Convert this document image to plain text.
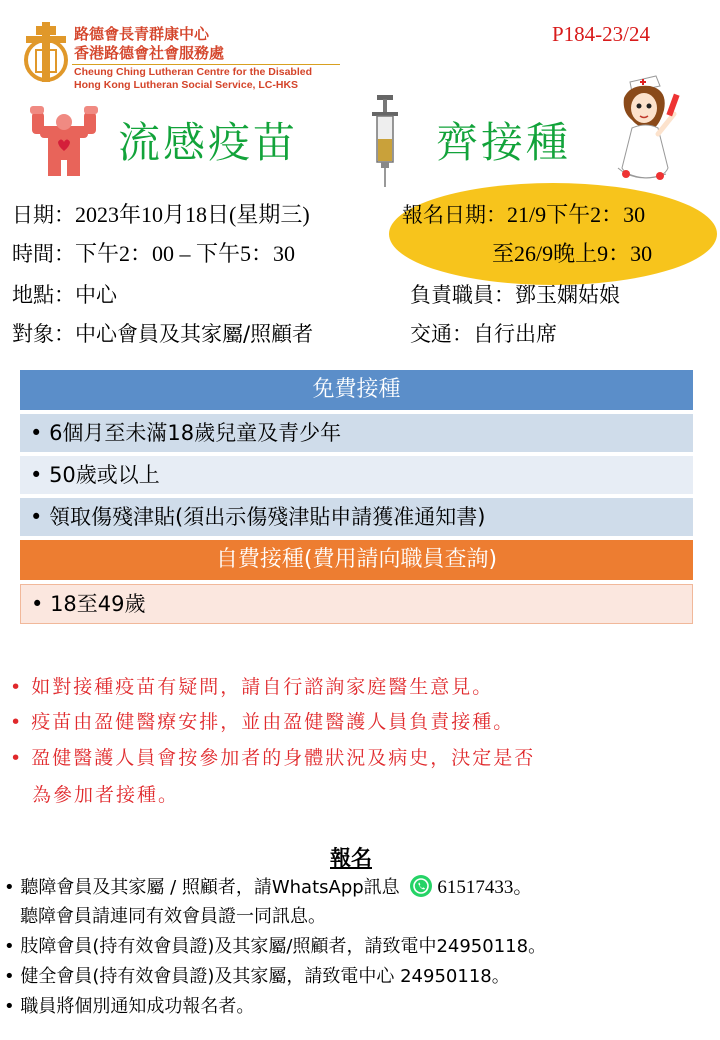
路德會長青群康中心
香港路德會社會服務處
Cheung Ching Lutheran Centre for the Disabled
Hong Kong Lutheran Social Service, LC-HKS
P184-23/24
流感疫苗	齊接種
日期：2023年10月18日(星期三)
時間：下午2：00 – 下午5：30
地點：中心
對象：中心會員及其家屬/照顧者
報名日期：21/9下午2：30
至26/9晚上9：30
負責職員：鄧玉嫻姑娘
交通：自行出席
免費接種
• 6個月至未滿18歲兒童及青少年
• 50歲或以上
• 領取傷殘津貼(須出示傷殘津貼申請獲准通知書)
自費接種(費用請向職員查詢)
• 18至49歲
• 如對接種疫苗有疑問，請自行諮詢家庭醫生意見。
• 疫苗由盈健醫療安排，並由盈健醫護人員負責接種。
• 盈健醫護人員會按參加者的身體狀況及病史，決定是否
為參加者接種。
報名
• 聽障會員及其家屬 / 照顧者，請WhatsApp訊息 61517433。
聽障會員請連同有效會員證一同訊息。
• 肢障會員(持有效會員證)及其家屬/照顧者，請致電中24950118。
• 健全會員(持有效會員證)及其家屬，請致電中心 24950118。
• 職員將個別通知成功報名者。
